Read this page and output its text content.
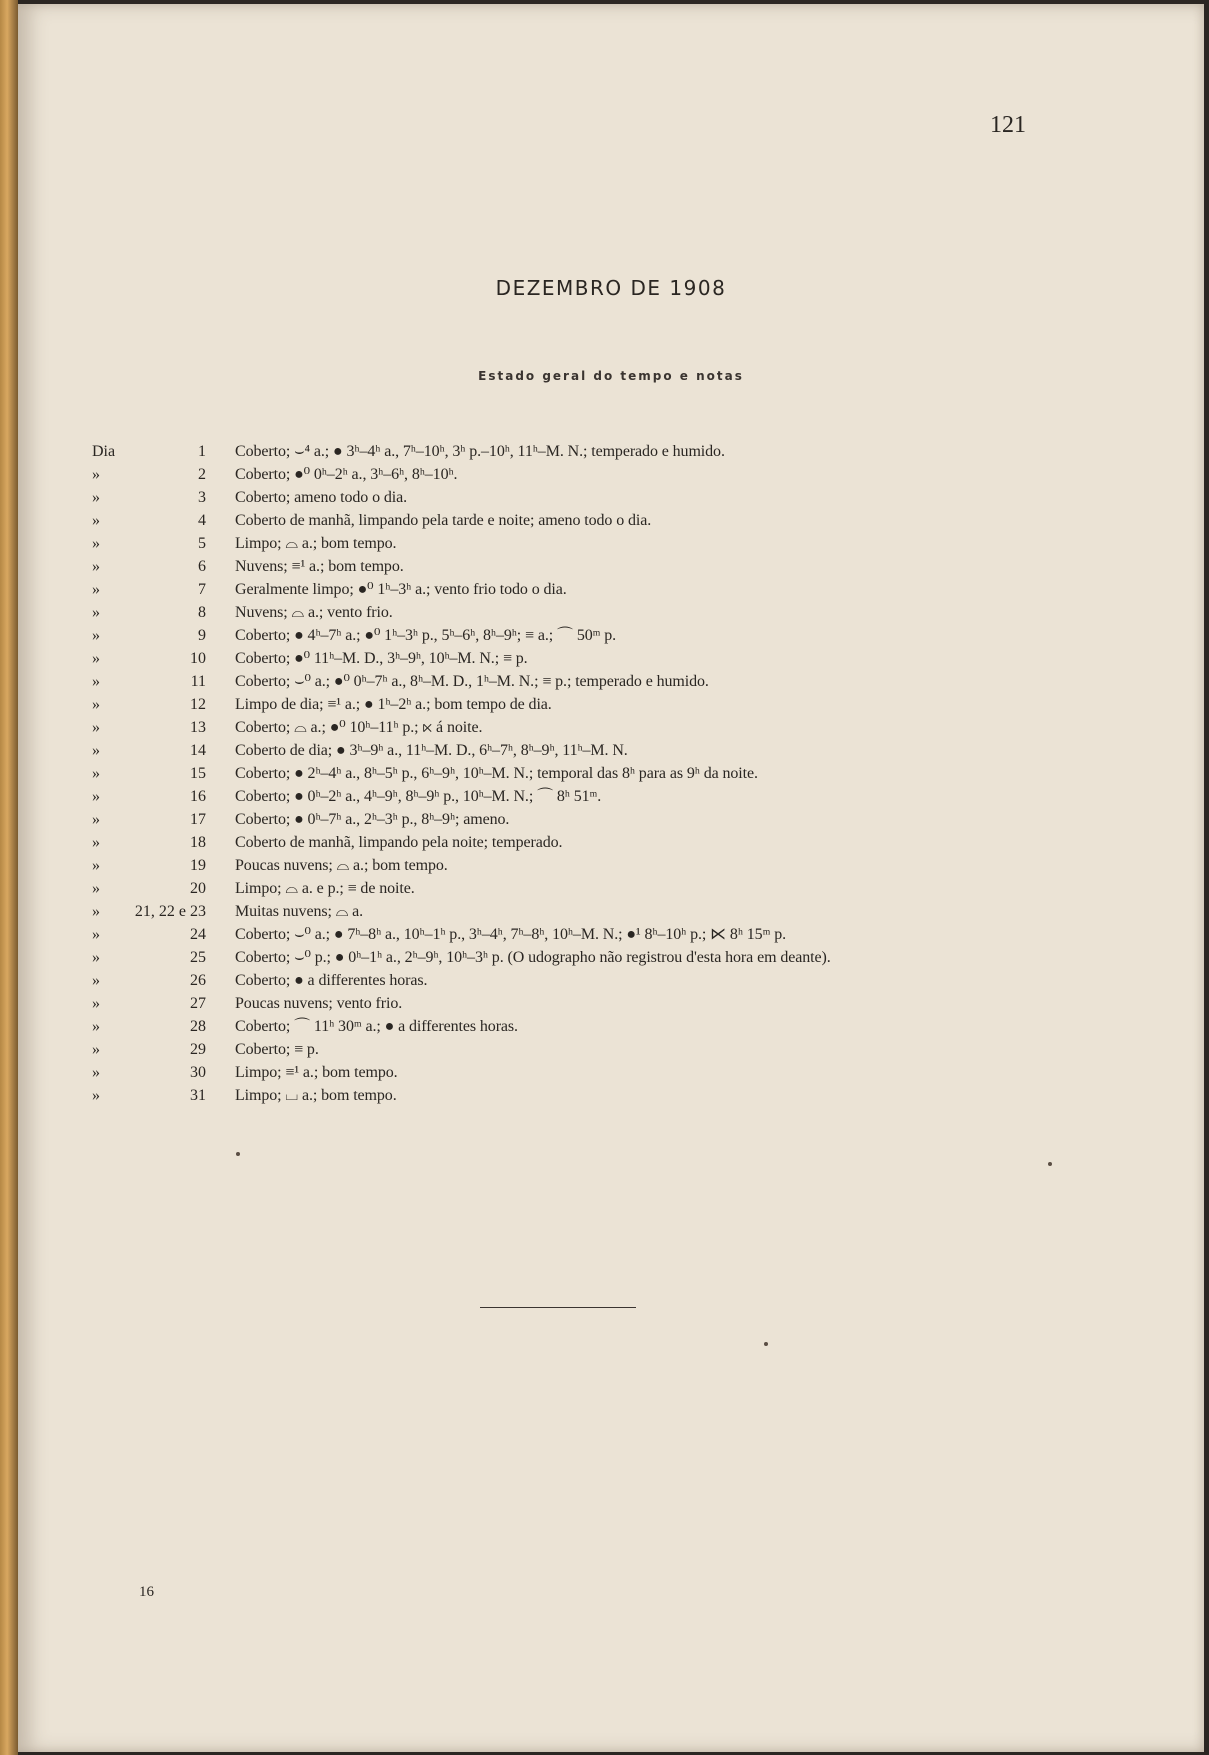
121
DEZEMBRO DE 1908
Estado geral do tempo e notas
Dia	1 Coberto; ⌣⁴ a.; ● 3ʰ–4ʰ a., 7ʰ–10ʰ, 3ʰ p.–10ʰ, 11ʰ–M. N.; temperado e humido.
»	2 Coberto; ●⁰ 0ʰ–2ʰ a., 3ʰ–6ʰ, 8ʰ–10ʰ.
»	3 Coberto; ameno todo o dia.
»	4 Coberto de manhã, limpando pela tarde e noite; ameno todo o dia.
»	5 Limpo; ⌓ a.; bom tempo.
»	6 Nuvens; ≡¹ a.; bom tempo.
»	7 Geralmente limpo; ●⁰ 1ʰ–3ʰ a.; vento frio todo o dia.
»	8 Nuvens; ⌓ a.; vento frio.
»	9 Coberto; ● 4ʰ–7ʰ a.; ●⁰ 1ʰ–3ʰ p., 5ʰ–6ʰ, 8ʰ–9ʰ; ≡ a.; ⌒ 50ᵐ p.
»	10 Coberto; ●⁰ 11ʰ–M. D., 3ʰ–9ʰ, 10ʰ–M. N.; ≡ p.
»	11 Coberto; ⌣⁰ a.; ●⁰ 0ʰ–7ʰ a., 8ʰ–M. D., 1ʰ–M. N.; ≡ p.; temperado e humido.
»	12 Limpo de dia; ≡¹ a.; ● 1ʰ–2ʰ a.; bom tempo de dia.
»	13 Coberto; ⌓ a.; ●⁰ 10ʰ–11ʰ p.; ⋉ á noite.
»	14 Coberto de dia; ● 3ʰ–9ʰ a., 11ʰ–M. D., 6ʰ–7ʰ, 8ʰ–9ʰ, 11ʰ–M. N.
»	15 Coberto; ● 2ʰ–4ʰ a., 8ʰ–5ʰ p., 6ʰ–9ʰ, 10ʰ–M. N.; temporal das 8ʰ para as 9ʰ da noite.
»	16 Coberto; ● 0ʰ–2ʰ a., 4ʰ–9ʰ, 8ʰ–9ʰ p., 10ʰ–M. N.; ⌒ 8ʰ 51ᵐ.
»	17 Coberto; ● 0ʰ–7ʰ a., 2ʰ–3ʰ p., 8ʰ–9ʰ; ameno.
»	18 Coberto de manhã, limpando pela noite; temperado.
»	19 Poucas nuvens; ⌓ a.; bom tempo.
»	20 Limpo; ⌓ a. e p.; ≡ de noite.
»	21, 22 e 23 Muitas nuvens; ⌓ a.
»	24 Coberto; ⌣⁰ a.; ● 7ʰ–8ʰ a., 10ʰ–1ʰ p., 3ʰ–4ʰ, 7ʰ–8ʰ, 10ʰ–M. N.; ●¹ 8ʰ–10ʰ p.; ⋉ 8ʰ 15ᵐ p.
»	25 Coberto; ⌣⁰ p.; ● 0ʰ–1ʰ a., 2ʰ–9ʰ, 10ʰ–3ʰ p. (O udographo não registrou d'esta hora em deante).
»	26 Coberto; ● a differentes horas.
»	27 Poucas nuvens; vento frio.
»	28 Coberto; ⌒ 11ʰ 30ᵐ a.; ● a differentes horas.
»	29 Coberto; ≡ p.
»	30 Limpo; ≡¹ a.; bom tempo.
»	31 Limpo; ⌴ a.; bom tempo.
16
